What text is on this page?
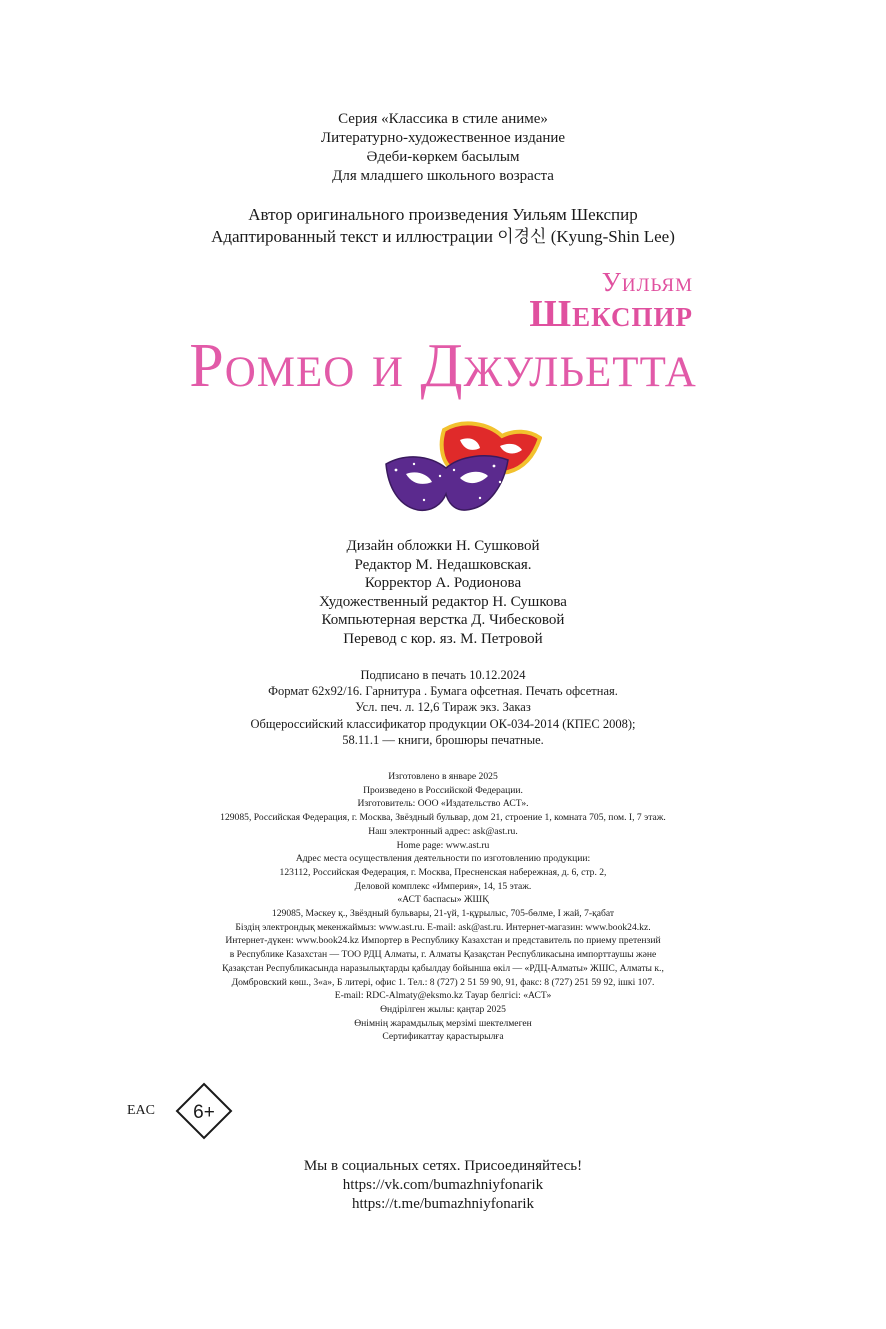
Серия «Классика в стиле аниме»
Литературно-художественное издание
Әдеби-көркем басылым
Для младшего школьного возраста
Автор оригинального произведения Уильям Шекспир
Адаптированный текст и иллюстрации 이경신 (Kyung-Shin Lee)
Уильям
Шекспир
Ромео и Джульетта
Дизайн обложки Н. Сушковой
Редактор М. Недашковская.
Корректор А. Родионова
Художественный редактор Н. Сушкова
Компьютерная верстка Д. Чибесковой
Перевод с кор. яз. М. Петровой
Подписано в печать 10.12.2024
Формат 62х92/16. Гарнитура . Бумага офсетная. Печать офсетная.
Усл. печ. л. 12,6 Тираж экз. Заказ
Общероссийский классификатор продукции ОК-034-2014 (КПЕС 2008);
58.11.1 — книги, брошюры печатные.
Изготовлено в январе 2025
Произведено в Российской Федерации.
Изготовитель: ООО «Издательство АСТ».
129085, Российская Федерация, г. Москва, Звёздный бульвар, дом 21, строение 1, комната 705, пом. I, 7 этаж.
Наш электронный адрес: ask@ast.ru.
Home page: www.ast.ru
Адрес места осуществления деятельности по изготовлению продукции:
123112, Российская Федерация, г. Москва, Пресненская набережная, д. 6, стр. 2,
Деловой комплекс «Империя», 14, 15 этаж.
«АСТ баспасы» ЖШҚ
129085, Мәскеу қ., Звёздный бульвары, 21-үй, 1-құрылыс, 705-бөлме, I жай, 7-қабат
Біздің электрондық мекенжаймыз: www.ast.ru. E-mail: ask@ast.ru. Интернет-магазин: www.book24.kz.
Интернет-дүкен: www.book24.kz Импортер в Республику Казахстан и представитель по приему претензий
в Республике Казахстан — ТОО РДЦ Алматы, г. Алматы Қазақстан Республикасына импорттаушы және
Қазақстан Республикасында наразылықтарды қабылдау бойынша өкіл — «РДЦ-Алматы» ЖШС, Алматы к.,
Домбровский көш., 3«а», Б литері, офис 1. Тел.: 8 (727) 2 51 59 90, 91, факс: 8 (727) 251 59 92, ішкі 107.
E-mail: RDC-Almaty@eksmo.kz Тауар белгісі: «АСТ»
Өндірілген жылы: қаңтар 2025
Өнімнің жарамдылық мерзімі шектелмеген
Сертификаттау қарастырылға
EAC 6+
Мы в социальных сетях. Присоединяйтесь!
https://vk.com/bumazhniyfonarik
https://t.me/bumazhniyfonarik
